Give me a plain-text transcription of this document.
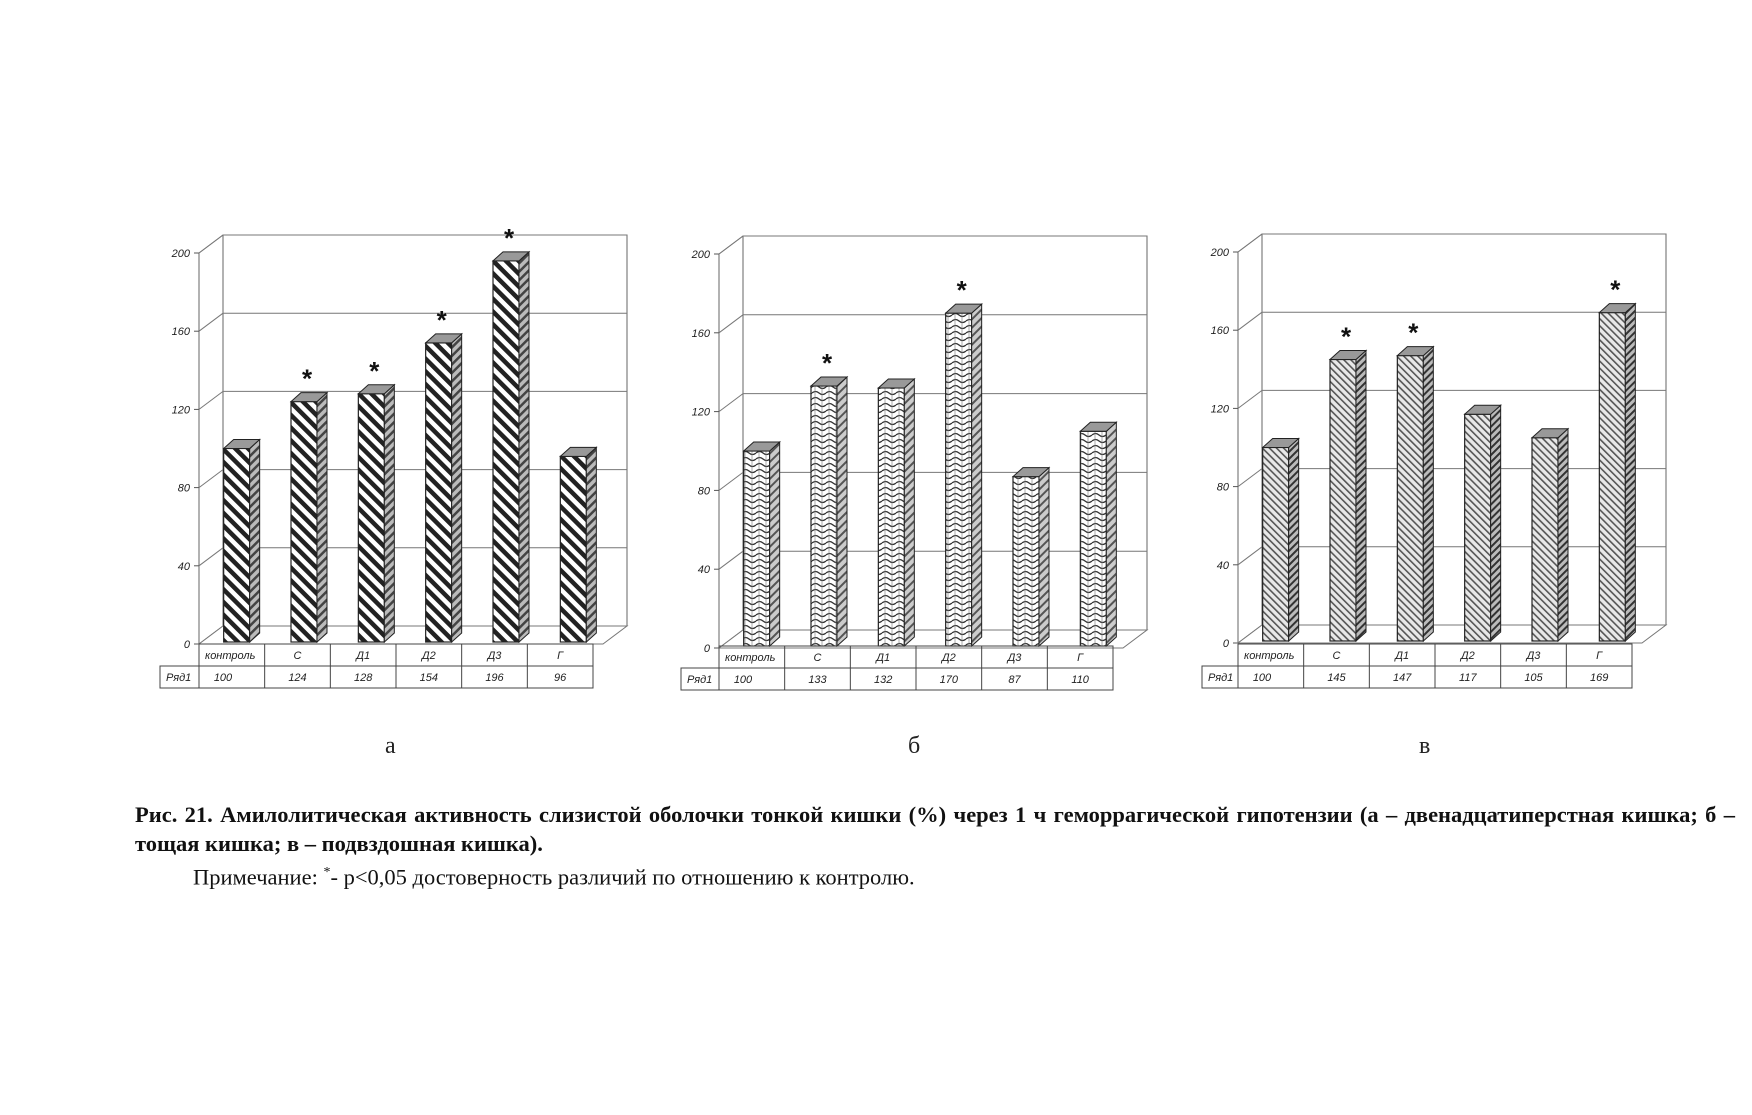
0
40
80
120
160
200
* *
*
*
Ряд1
контроль
100
С
124
Д1
128
Д2
154
Д3
196
Г
96
0
40
80
120
160
200
*
*
Ряд1
контроль
100
С
133
Д1
132
Д2
170
Д3
87
Г
110
0
40
80
120
160
200
* *
*
Ряд1
контроль
100
С
145
Д1
147
Д2
117
Д3
105
Г
169
а	б	в

Рис. 21. Амилолитическая активность слизистой оболочки тонкой кишки (%) через 1 ч геморрагической гипотензии (а – двенадцатиперстная кишка; б – тощая кишка; в – подвздошная кишка).

Примечание: *- р<0,05 достоверность различий по отношению к контролю.
